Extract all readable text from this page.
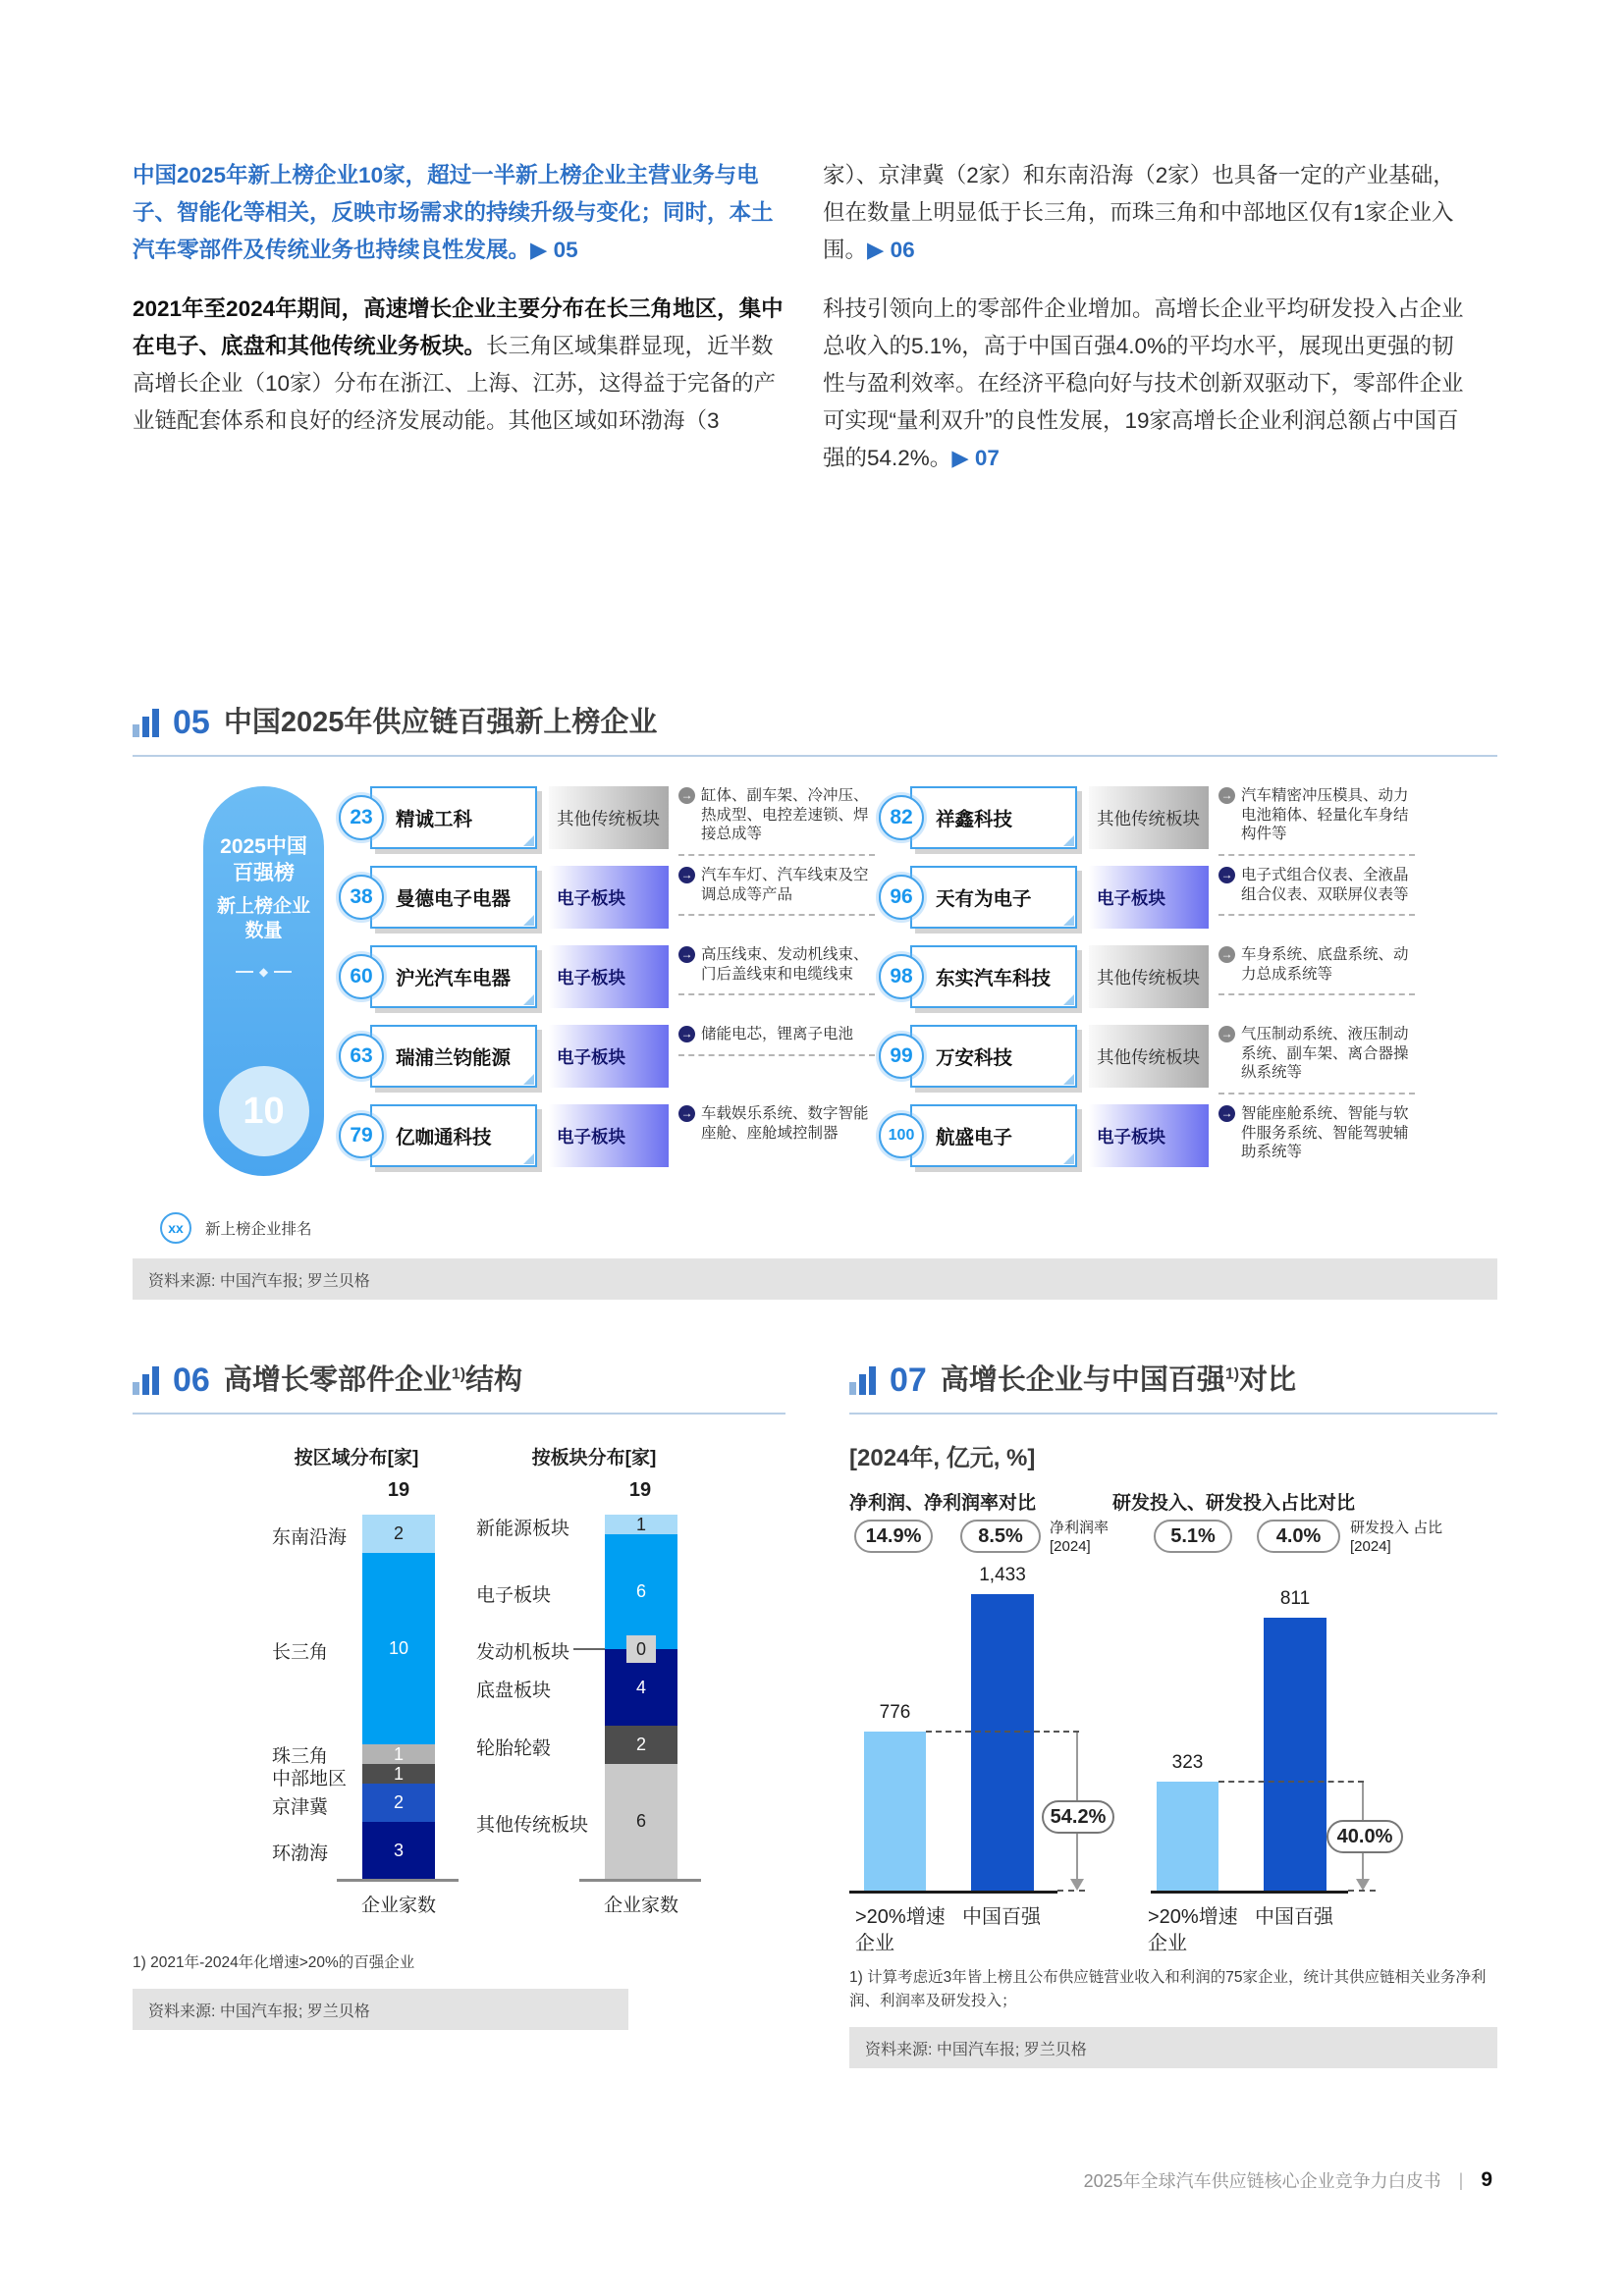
中国2025年新上榜企业10家，超过一半新上榜企业主营业务与电子、智能化等相关，反映市场需求的持续升级与变化；同时，本土汽车零部件及传统业务也持续良性发展。▶ 05

2021年至2024年期间，高速增长企业主要分布在长三角地区，集中在电子、底盘和其他传统业务板块。长三角区域集群显现，近半数高增长企业（10家）分布在浙江、上海、江苏，这得益于完备的产业链配套体系和良好的经济发展动能。其他区域如环渤海（3

家）、京津冀（2家）和东南沿海（2家）也具备一定的产业基础，但在数量上明显低于长三角，而珠三角和中部地区仅有1家企业入围。▶ 06

科技引领向上的零部件企业增加。高增长企业平均研发投入占企业总收入的5.1%，高于中国百强4.0%的平均水平，展现出更强的韧性与盈利效率。在经济平稳向好与技术创新双驱动下，零部件企业可实现“量利双升”的良性发展，19家高增长企业利润总额占中国百强的54.2%。▶ 07

05 中国2025年供应链百强新上榜企业
2025中国百强榜
新上榜企业数量
◆
10
23	精诚工科	其他传统板块
→ 缸体、副车架、冷冲压、热成型、电控差速锁、焊接总成等
38	曼德电子电器	电子板块
→ 汽车车灯、汽车线束及空调总成等产品
60	沪光汽车电器	电子板块
→ 高压线束、发动机线束、门后盖线束和电缆线束
63	瑞浦兰钧能源	电子板块
→ 储能电芯，锂离子电池
79	亿咖通科技	电子板块
→ 车载娱乐系统、数字智能座舱、座舱域控制器
82	祥鑫科技	其他传统板块
→ 汽车精密冲压模具、动力电池箱体、轻量化车身结构件等
96	天有为电子	电子板块
→ 电子式组合仪表、全液晶组合仪表、双联屏仪表等
98	东实汽车科技	其他传统板块
→ 车身系统、底盘系统、动力总成系统等
99	万安科技	其他传统板块
→ 气压制动系统、液压制动系统、副车架、离合器操纵系统等
100	航盛电子	电子板块
→ 智能座舱系统、智能与软件服务系统、智能驾驶辅助系统等
xx	新上榜企业排名
资料来源: 中国汽车报; 罗兰贝格
06 高增长零部件企业$^{1)}$结构
按区域分布[家]	按板块分布[家]
19	19
2
10
1
1
2
3
东南沿海
长三角
珠三角
中部地区
京津冀
环渤海
企业家数
1
6
4
2
6
0
新能源板块
电子板块
发动机板块
底盘板块
轮胎轮毂
其他传统板块
企业家数
1) 2021年-2024年化增速>20%的百强企业
资料来源: 中国汽车报; 罗兰贝格
07 高增长企业与中国百强$^{1)}$对比
[2024年, 亿元, %]
净利润、净利润率对比
14.9%	8.5%	净利润率 [2024]
776
1,433
54.2%
>20%增速企业
中国百强
研发投入、研发投入占比对比
5.1%	4.0%	研发投入 占比[2024]
323
811
40.0%
>20%增速企业
中国百强
1) 计算考虑近3年皆上榜且公布供应链营业收入和利润的75家企业，统计其供应链相关业务净利润、利润率及研发投入；
资料来源: 中国汽车报; 罗兰贝格
2025年全球汽车供应链核心企业竞争力白皮书 | 9
